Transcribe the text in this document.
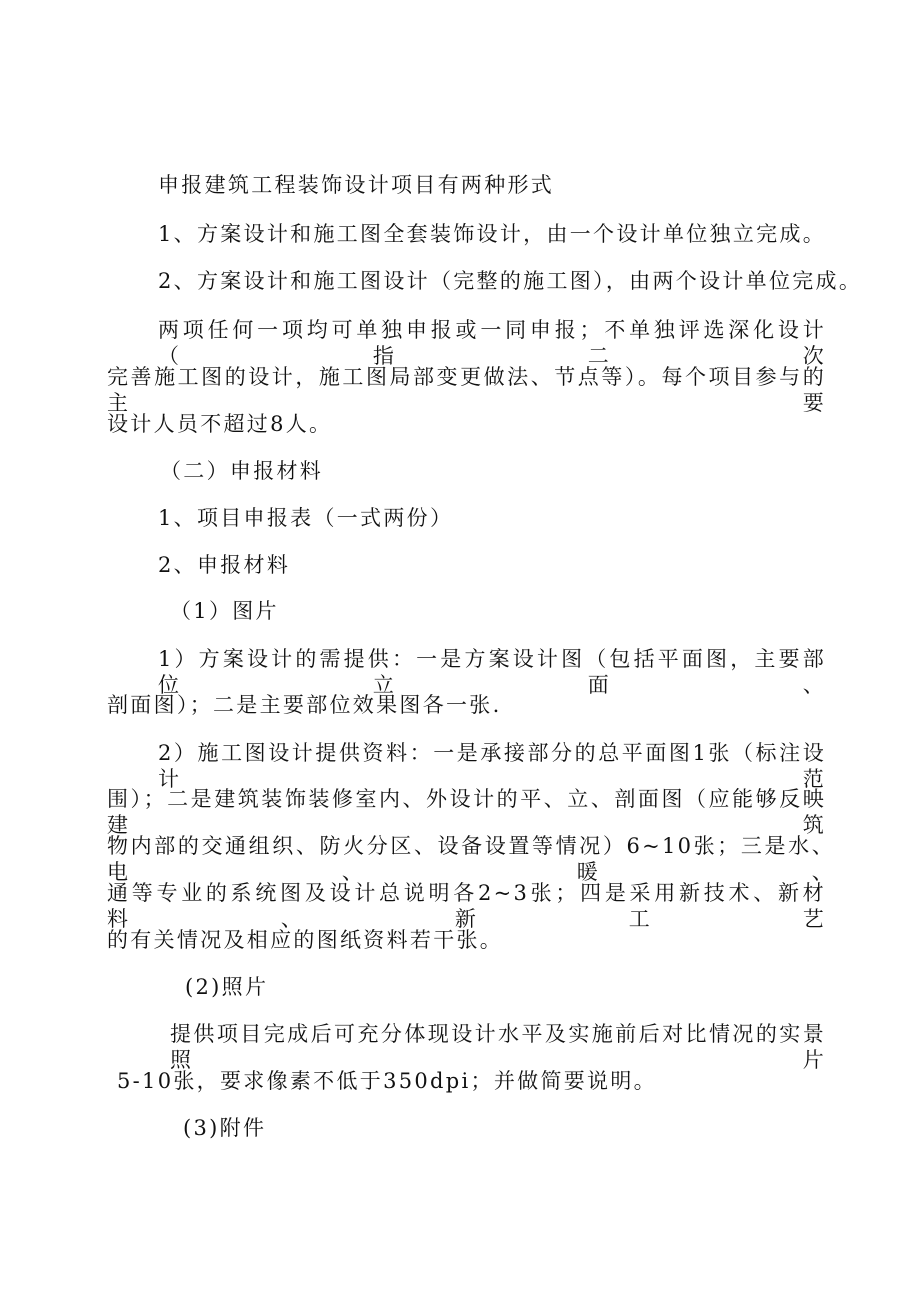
申报建筑工程装饰设计项目有两种形式
1、方案设计和施工图全套装饰设计，由一个设计单位独立完成。
2、方案设计和施工图设计（完整的施工图），由两个设计单位完成。
两项任何一项均可单独申报或一同申报；不单独评选深化设计（指二次
完善施工图的设计，施工图局部变更做法、节点等）。每个项目参与的主要
设计人员不超过8人。
（二）申报材料
1、项目申报表（一式两份）
2、申报材料
（1）图片
1）方案设计的需提供：一是方案设计图（包括平面图，主要部位立面、
剖面图）；二是主要部位效果图各一张.
2）施工图设计提供资料：一是承接部分的总平面图1张（标注设计范
围）；二是建筑装饰装修室内、外设计的平、立、剖面图（应能够反映建筑
物内部的交通组织、防火分区、设备设置等情况）6~10张；三是水、电、暖、
通等专业的系统图及设计总说明各2~3张；四是采用新技术、新材料、新工艺
的有关情况及相应的图纸资料若干张。
(2)照片
提供项目完成后可充分体现设计水平及实施前后对比情况的实景照片
5-10张，要求像素不低于350dpi；并做简要说明。
(3)附件
